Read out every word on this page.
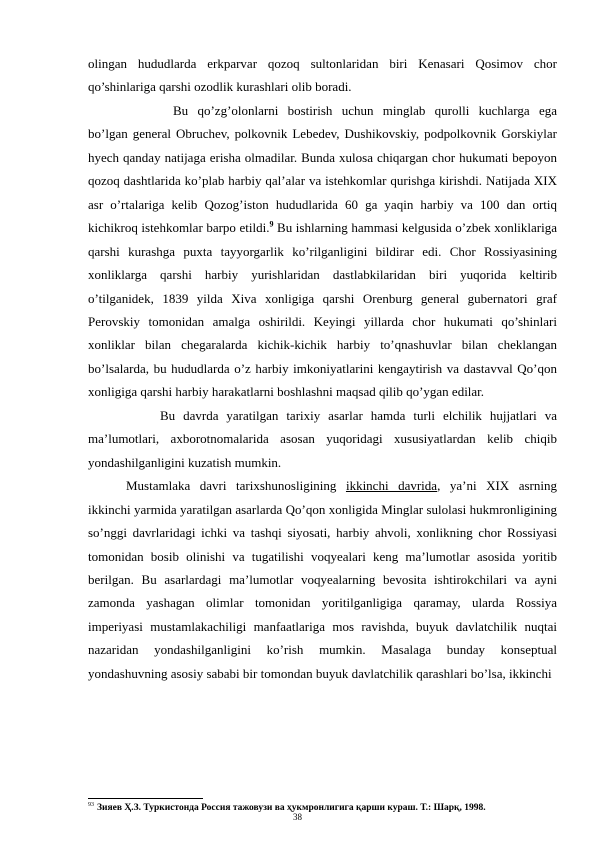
olingan hududlarda erkparvar qozoq sultonlaridan biri Kenasari Qosimov chor qo’shinlariga qarshi ozodlik kurashlari olib boradi.

Bu qo’zg’olonlarni bostirish uchun minglab qurolli kuchlarga ega bo’lgan general Obruchev, polkovnik Lebedev, Dushikovskiy, podpolkovnik Gorskiylar hyech qanday natijaga erisha olmadilar. Bunda xulosa chiqargan chor hukumati bepoyon qozoq dashtlarida ko’plab harbiy qal’alar va istehkomlar qurishga kirishdi. Natijada XIX asr o’rtalariga kelib Qozog’iston hududlarida 60 ga yaqin harbiy va 100 dan ortiq kichikroq istehkomlar barpo etildi.$^9$ Bu ishlarning hammasi kelgusida o’zbek xonliklariga qarshi kurashga puxta tayyorgarlik ko’rilganligini bildirar edi. Chor Rossiyasining xonliklarga qarshi harbiy yurishlaridan dastlabkilaridan biri yuqorida keltirib o’tilganidek, 1839 yilda Xiva xonligiga qarshi Orenburg general gubernatori graf Perovskiy tomonidan amalga oshirildi. Keyingi yillarda chor hukumati qo’shinlari xonliklar bilan chegaralarda kichik-kichik harbiy to’qnashuvlar bilan cheklangan bo’lsalarda, bu hududlarda o’z harbiy imkoniyatlarini kengaytirish va dastavval Qo’qon xonligiga qarshi harbiy harakatlarni boshlashni maqsad qilib qo’ygan edilar.

Bu davrda yaratilgan tarixiy asarlar hamda turli elchilik hujjatlari va ma’lumotlari, axborotnomalarida asosan yuqoridagi xususiyatlardan kelib chiqib yondashilganligini kuzatish mumkin.

Mustamlaka davri tarixshunosligining ikkinchi davrida, ya’ni XIX asrning ikkinchi yarmida yaratilgan asarlarda Qo’qon xonligida Minglar sulolasi hukmronligining so’nggi davrlaridagi ichki va tashqi siyosati, harbiy ahvoli, xonlikning chor Rossiyasi tomonidan bosib olinishi va tugatilishi voqyealari keng ma’lumotlar asosida yoritib berilgan. Bu asarlardagi ma’lumotlar voqyealarning bevosita ishtirokchilari va ayni zamonda yashagan olimlar tomonidan yoritilganligiga qaramay, ularda Rossiya imperiyasi mustamlakachiligi manfaatlariga mos ravishda, buyuk davlatchilik nuqtai nazaridan yondashilganligini ko’rish mumkin. Masalaga bunday konseptual yondashuvning asosiy sababi bir tomondan buyuk davlatchilik qarashlari bo’lsa, ikkinchi

$^{93}$ Зияев Ҳ.З. Туркистонда Россия тажовузи ва ҳукмронлигига қарши кураш. Т.: Шарқ, 1998.
38
